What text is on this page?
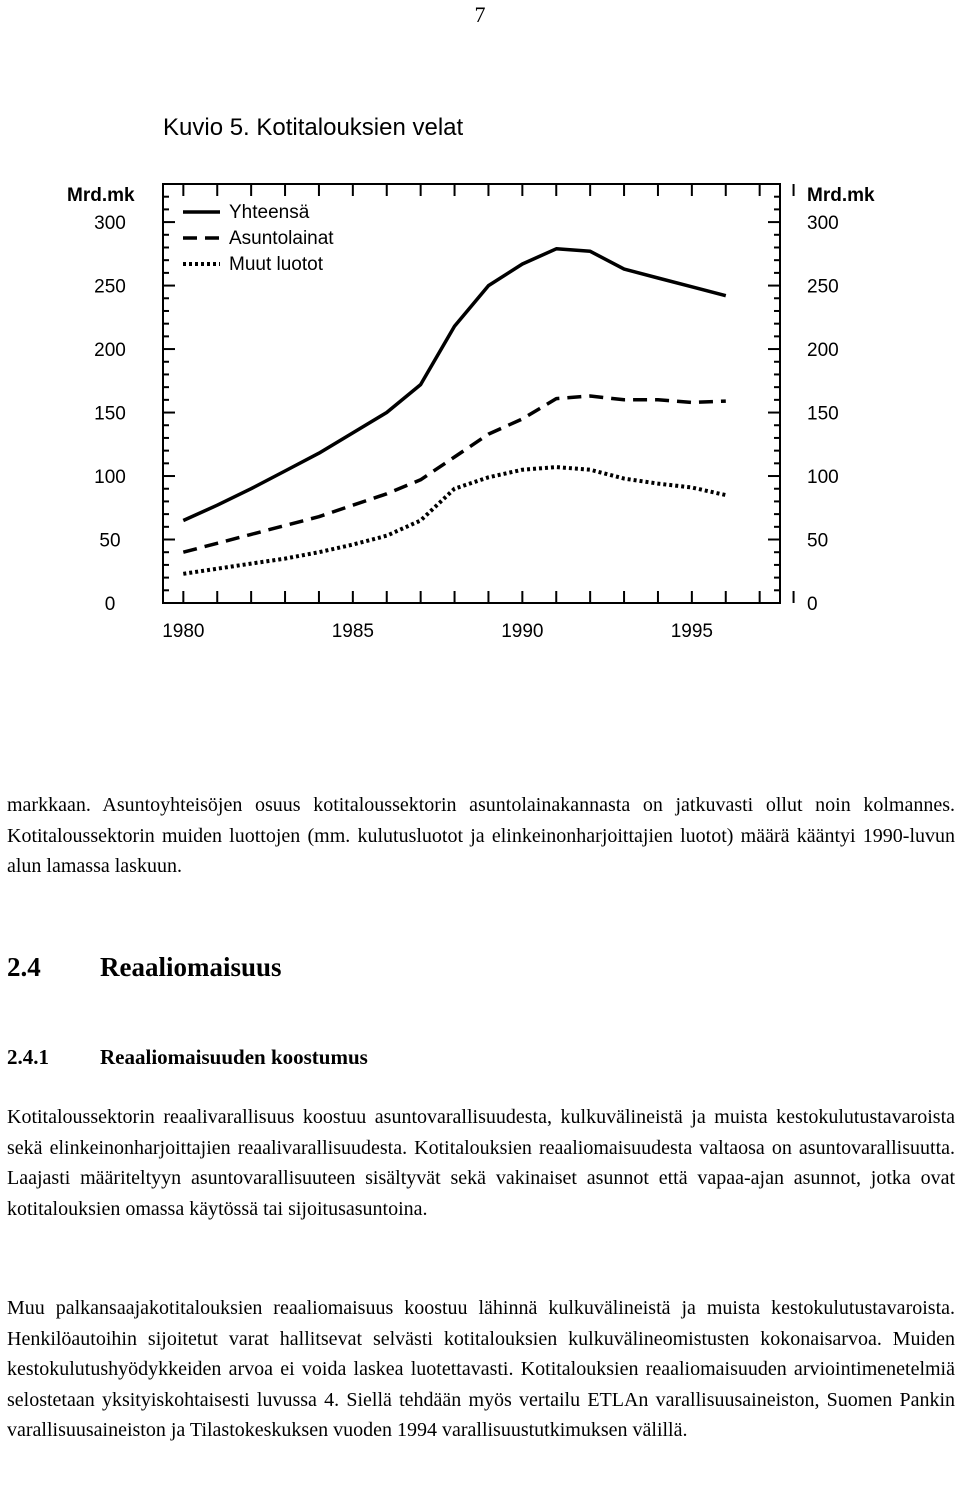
7
Kuvio 5. Kotitalouksien velat
Yhteensä
Asuntolainat
Muut luotot
0	0
50	50
100	100
150	150
200	200
250	250
300	300
1980	1985	1990	1995
Mrd.mk	Mrd.mk

markkaan. Asuntoyhteisöjen osuus kotitaloussektorin asuntolainakannasta on jatkuvasti ollut noin kolmannes. Kotitaloussektorin muiden luottojen (mm. kulutusluotot ja elinkeinonharjoittajien luotot) määrä kääntyi 1990-luvun alun lamassa laskuun.

2.4 Reaaliomaisuus
2.4.1 Reaaliomaisuuden koostumus

Kotitaloussektorin reaalivarallisuus koostuu asuntovarallisuudesta, kulkuvälineistä ja muista kestokulutustavaroista sekä elinkeinonharjoittajien reaalivarallisuudesta. Kotitalouksien reaaliomaisuudesta valtaosa on asuntovarallisuutta. Laajasti määriteltyyn asuntovarallisuuteen sisältyvät sekä vakinaiset asunnot että vapaa-ajan asunnot, jotka ovat kotitalouksien omassa käytössä tai sijoitusasuntoina.

Muu palkansaajakotitalouksien reaaliomaisuus koostuu lähinnä kulkuvälineistä ja muista kestokulutustavaroista. Henkilöautoihin sijoitetut varat hallitsevat selvästi kotitalouksien kulkuvälineomistusten kokonaisarvoa. Muiden kestokulutushyödykkeiden arvoa ei voida laskea luotettavasti. Kotitalouksien reaaliomaisuuden arviointimenetelmiä selostetaan yksityiskohtaisesti luvussa 4. Siellä tehdään myös vertailu ETLAn varallisuusaineiston, Suomen Pankin varallisuusaineiston ja Tilastokeskuksen vuoden 1994 varallisuustutkimuksen välillä.
